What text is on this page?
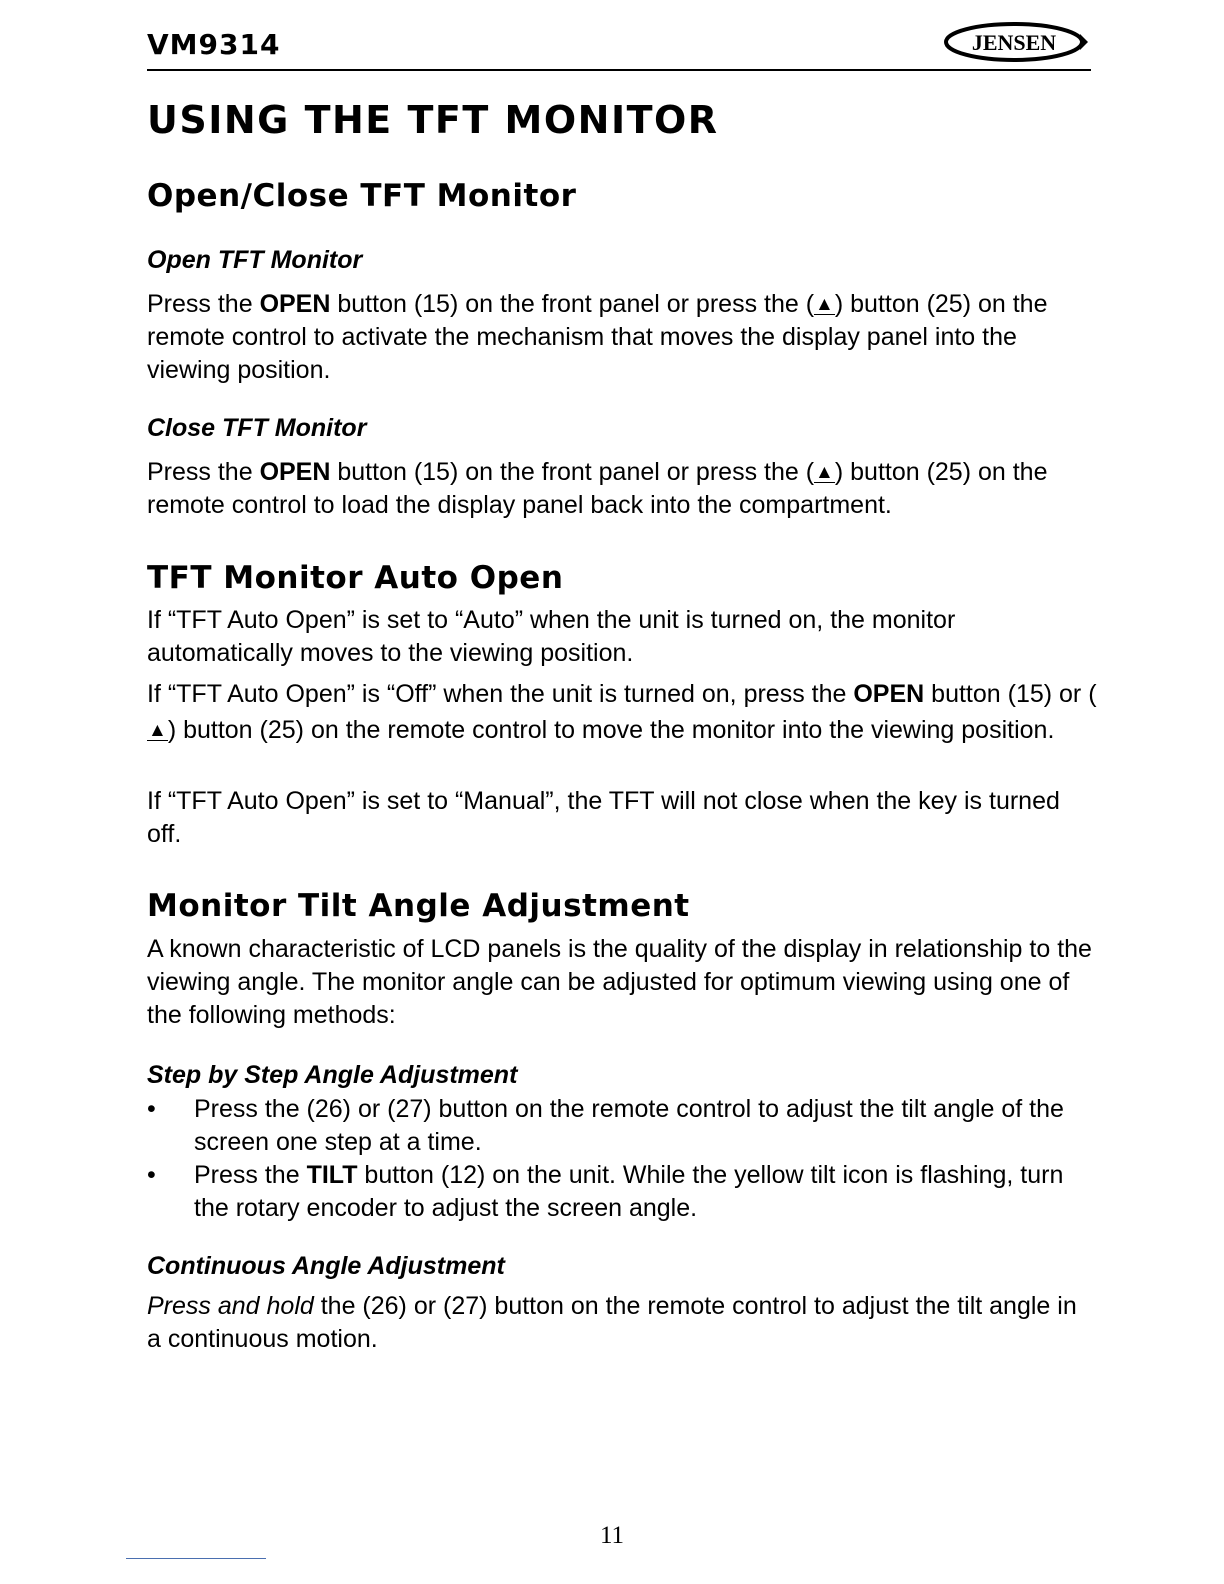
VM9314	JENSEN
USING THE TFT MONITOR
Open/Close TFT Monitor
Open TFT Monitor

Press the OPEN button (15) on the front panel or press the (▲) button (25) on the remote control to activate the mechanism that moves the display panel into the viewing position.

Close TFT Monitor

Press the OPEN button (15) on the front panel or press the (▲) button (25) on the remote control to load the display panel back into the compartment.

TFT Monitor Auto Open

If “TFT Auto Open” is set to “Auto” when the unit is turned on, the monitor automatically moves to the viewing position.

If “TFT Auto Open” is “Off” when the unit is turned on, press the OPEN button (15) or (▲) button (25) on the remote control to move the monitor into the viewing position.

If “TFT Auto Open” is set to “Manual”, the TFT will not close when the key is turned off.

Monitor Tilt Angle Adjustment

A known characteristic of LCD panels is the quality of the display in relationship to the viewing angle. The monitor angle can be adjusted for optimum viewing using one of the following methods:

Step by Step Angle Adjustment
• Press the (26) or (27) button on the remote control to adjust the tilt angle of the screen one step at a time.
• Press the TILT button (12) on the unit. While the yellow tilt icon is flashing, turn the rotary encoder to adjust the screen angle.
Continuous Angle Adjustment

Press and hold the (26) or (27) button on the remote control to adjust the tilt angle in a continuous motion.

11
